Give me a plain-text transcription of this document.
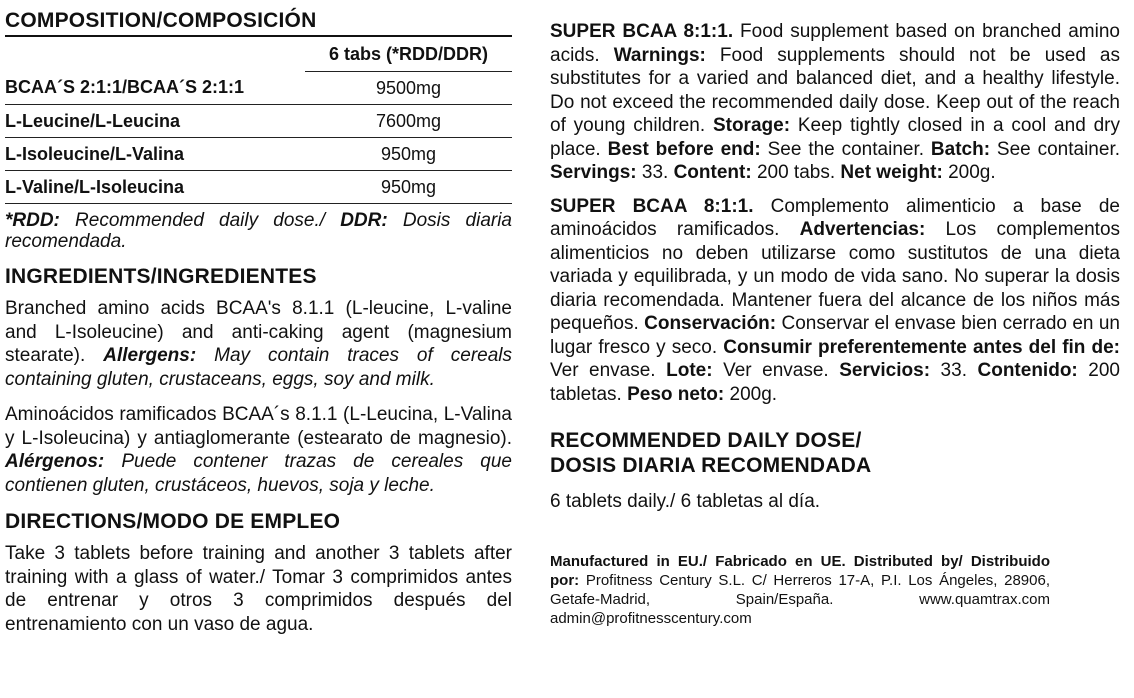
COMPOSITION/COMPOSICIÓN
	6 tabs (*RDD/DDR)
BCAA´S 2:1:1/BCAA´S 2:1:1	9500mg
L-Leucine/L-Leucina	7600mg
L-Isoleucine/L-Valina	950mg
L-Valine/L-Isoleucina	950mg
*RDD: Recommended daily dose./ DDR: Dosis diaria recomendada.
INGREDIENTS/INGREDIENTES
Branched amino acids BCAA's 8.1.1 (L-leucine, L-valine and L-Isoleucine) and anti-caking agent (magnesium stearate). Allergens: May contain traces of cereals containing gluten, crustaceans, eggs, soy and milk.
Aminoácidos ramificados BCAA´s 8.1.1 (L-Leucina, L-Valina y L-Isoleucina) y antiaglomerante (estearato de magnesio). Alérgenos: Puede contener trazas de cereales que contienen gluten, crustáceos, huevos, soja y leche.
DIRECTIONS/MODO DE EMPLEO
Take 3 tablets before training and another 3 tablets after training with a glass of water./ Tomar 3 comprimidos antes de entrenar y otros 3 comprimidos después del entrenamiento con un vaso de agua.
SUPER BCAA 8:1:1. Food supplement based on branched amino acids. Warnings: Food supplements should not be used as substitutes for a varied and balanced diet, and a healthy lifestyle. Do not exceed the recommended daily dose. Keep out of the reach of young children. Storage: Keep tightly closed in a cool and dry place. Best before end: See the container. Batch: See container. Servings: 33. Content: 200 tabs. Net weight: 200g.
SUPER BCAA 8:1:1. Complemento alimenticio a base de aminoácidos ramificados. Advertencias: Los complementos alimenticios no deben utilizarse como sustitutos de una dieta variada y equilibrada, y un modo de vida sano. No superar la dosis diaria recomendada. Mantener fuera del alcance de los niños más pequeños. Conservación: Conservar el envase bien cerrado en un lugar fresco y seco. Consumir preferentemente antes del fin de: Ver envase. Lote: Ver envase. Servicios: 33. Contenido: 200 tabletas. Peso neto: 200g.
RECOMMENDED DAILY DOSE/
DOSIS DIARIA RECOMENDADA
6 tablets daily./ 6 tabletas al día.
Manufactured in EU./ Fabricado en UE. Distributed by/ Distribuido por: Profitness Century S.L. C/ Herreros 17-A, P.I. Los Ángeles, 28906, Getafe-Madrid, Spain/España. www.quamtrax.com admin@profitnesscentury.com
